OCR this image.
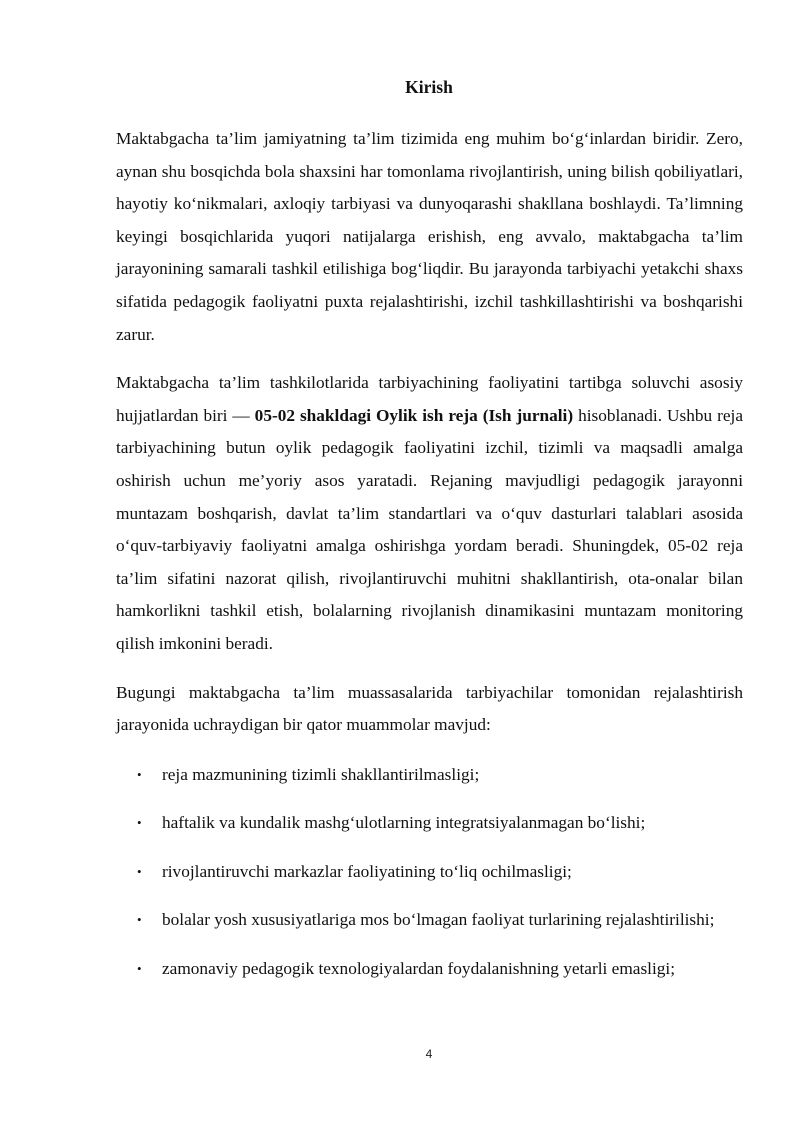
Kirish

Maktabgacha ta’lim jamiyatning ta’lim tizimida eng muhim bo‘g‘inlardan biridir. Zero, aynan shu bosqichda bola shaxsini har tomonlama rivojlantirish, uning bilish qobiliyatlari, hayotiy ko‘nikmalari, axloqiy tarbiyasi va dunyoqarashi shakllana boshlaydi. Ta’limning keyingi bosqichlarida yuqori natijalarga erishish, eng avvalo, maktabgacha ta’lim jarayonining samarali tashkil etilishiga bog‘liqdir. Bu jarayonda tarbiyachi yetakchi shaxs sifatida pedagogik faoliyatni puxta rejalashtirishi, izchil tashkillashtirishi va boshqarishi zarur.

Maktabgacha ta’lim tashkilotlarida tarbiyachining faoliyatini tartibga soluvchi asosiy hujjatlardan biri — 05-02 shakldagi Oylik ish reja (Ish jurnali) hisoblanadi. Ushbu reja tarbiyachining butun oylik pedagogik faoliyatini izchil, tizimli va maqsadli amalga oshirish uchun me’yoriy asos yaratadi. Rejaning mavjudligi pedagogik jarayonni muntazam boshqarish, davlat ta’lim standartlari va o‘quv dasturlari talablari asosida o‘quv-tarbiyaviy faoliyatni amalga oshirishga yordam beradi. Shuningdek, 05-02 reja ta’lim sifatini nazorat qilish, rivojlantiruvchi muhitni shakllantirish, ota-onalar bilan hamkorlikni tashkil etish, bolalarning rivojlanish dinamikasini muntazam monitoring qilish imkonini beradi.

Bugungi maktabgacha ta’lim muassasalarida tarbiyachilar tomonidan rejalashtirish jarayonida uchraydigan bir qator muammolar mavjud:

• reja mazmunining tizimli shakllantirilmasligi;
• haftalik va kundalik mashg‘ulotlarning integratsiyalanmagan bo‘lishi;
• rivojlantiruvchi markazlar faoliyatining to‘liq ochilmasligi;
• bolalar yosh xususiyatlariga mos bo‘lmagan faoliyat turlarining rejalashtirilishi;
• zamonaviy pedagogik texnologiyalardan foydalanishning yetarli emasligi;
4
